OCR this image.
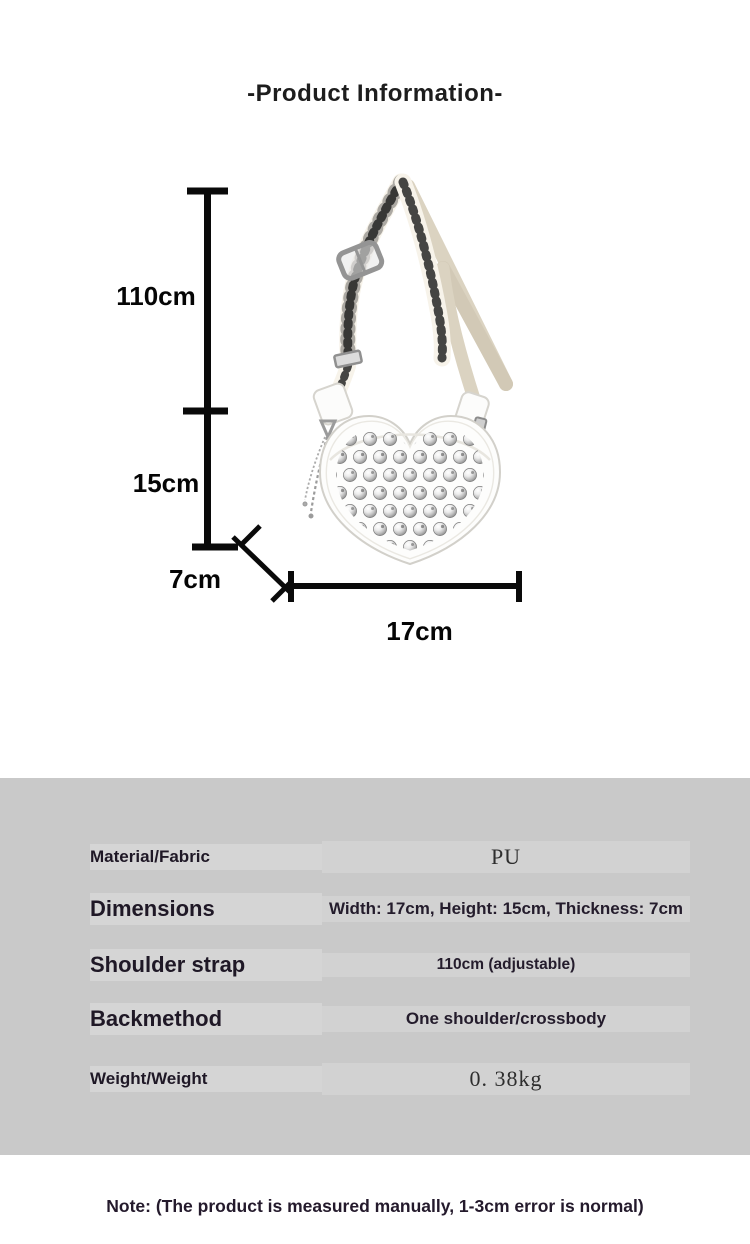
-Product Information-
110cm
15cm
7cm
17cm
Material/Fabric	PU
Dimensions	Width: 17cm, Height: 15cm, Thickness: 7cm
Shoulder strap	110cm (adjustable)
Backmethod	One shoulder/crossbody
Weight/Weight	0. 38kg
Note: (The product is measured manually, 1-3cm error is normal)
